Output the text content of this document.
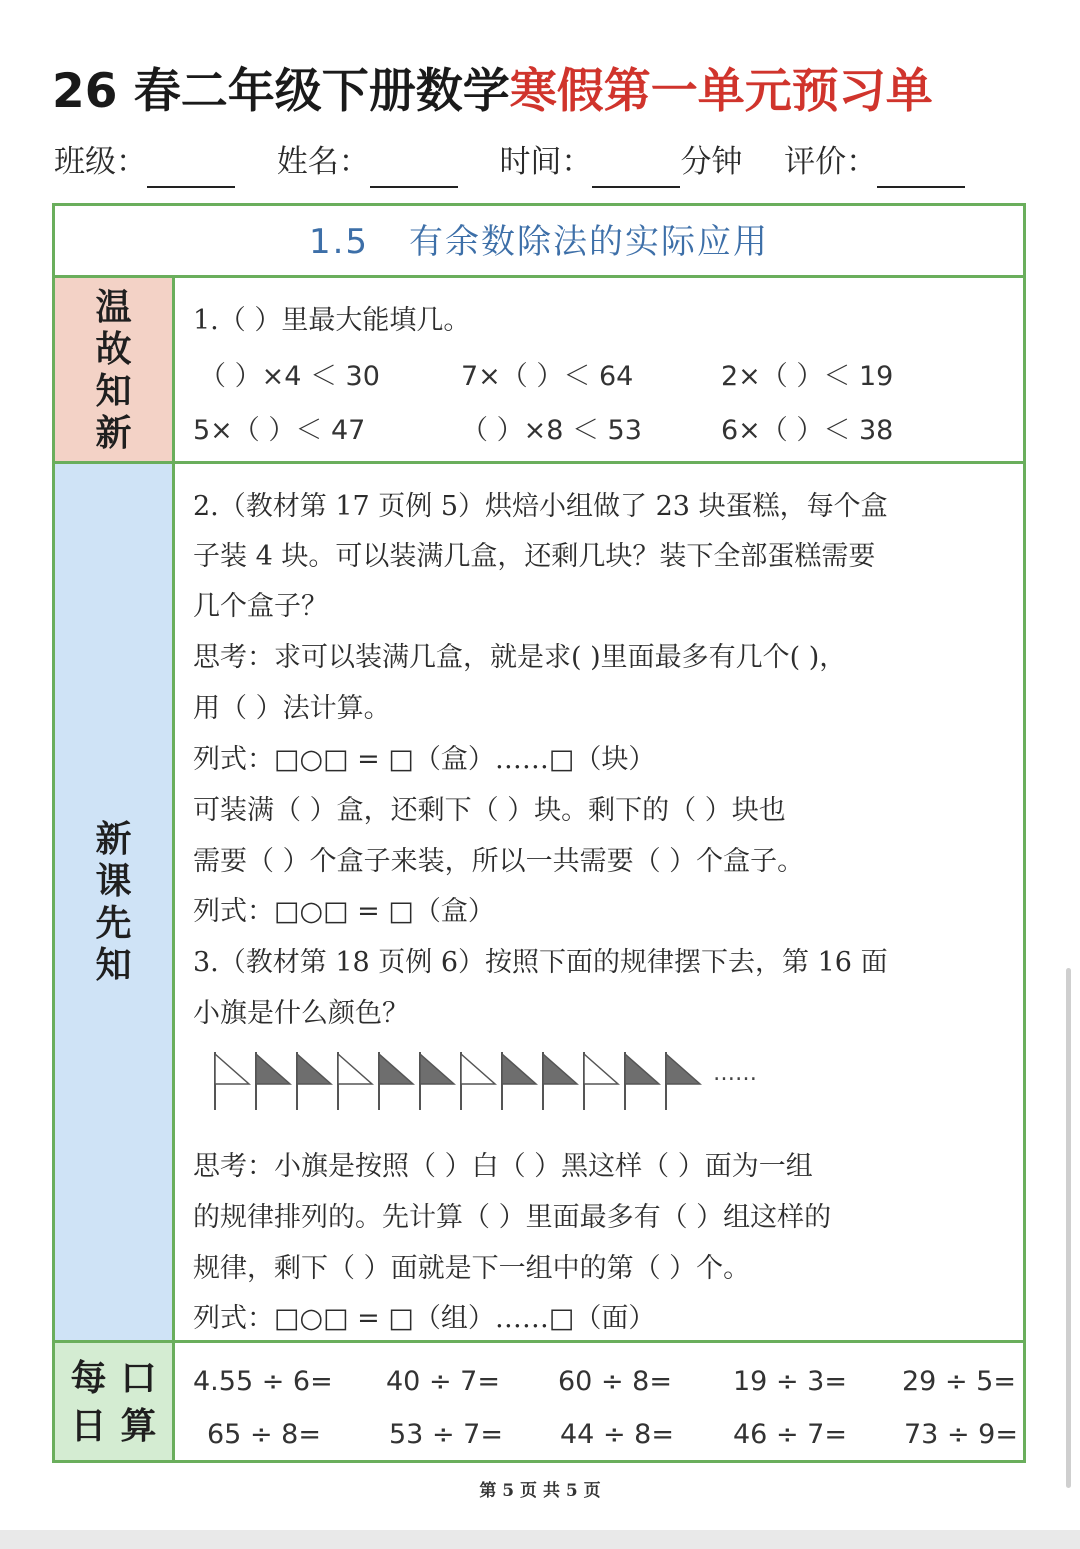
26 春二年级下册数学寒假第一单元预习单
班级：	姓名：	时间：	分钟 评价：
1.5 有余数除法的实际应用
温故知新
新课先知
每 口
日 算
1.（ ）里最大能填几。
（ ）×4 ＜ 30	7×（ ）＜ 64	2×（ ）＜ 19
5×（ ）＜ 47	（ ）×8 ＜ 53	6×（ ）＜ 38
2.（教材第 17 页例 5）烘焙小组做了 23 块蛋糕，每个盒
子装 4 块。可以装满几盒，还剩几块？装下全部蛋糕需要
几个盒子？
思考：求可以装满几盒，就是求( )里面最多有几个( )，
用（ ）法计算。
列式：□○□ = □（盒）……□（块）
可装满（ ）盒，还剩下（ ）块。剩下的（ ）块也
需要（ ）个盒子来装，所以一共需要（ ）个盒子。
列式：□○□ = □（盒）
3.（教材第 18 页例 6）按照下面的规律摆下去，第 16 面
小旗是什么颜色？
……
思考：小旗是按照（ ）白（ ）黑这样（ ）面为一组
的规律排列的。先计算（ ）里面最多有（ ）组这样的
规律，剩下（ ）面就是下一组中的第（ ）个。
列式：□○□ = □（组）……□（面）
4.55 ÷ 6= 40 ÷ 7= 60 ÷ 8= 19 ÷ 3= 29 ÷ 5=
65 ÷ 8=	53 ÷ 7= 44 ÷ 8= 46 ÷ 7= 73 ÷ 9=
第 5 页 共 5 页
